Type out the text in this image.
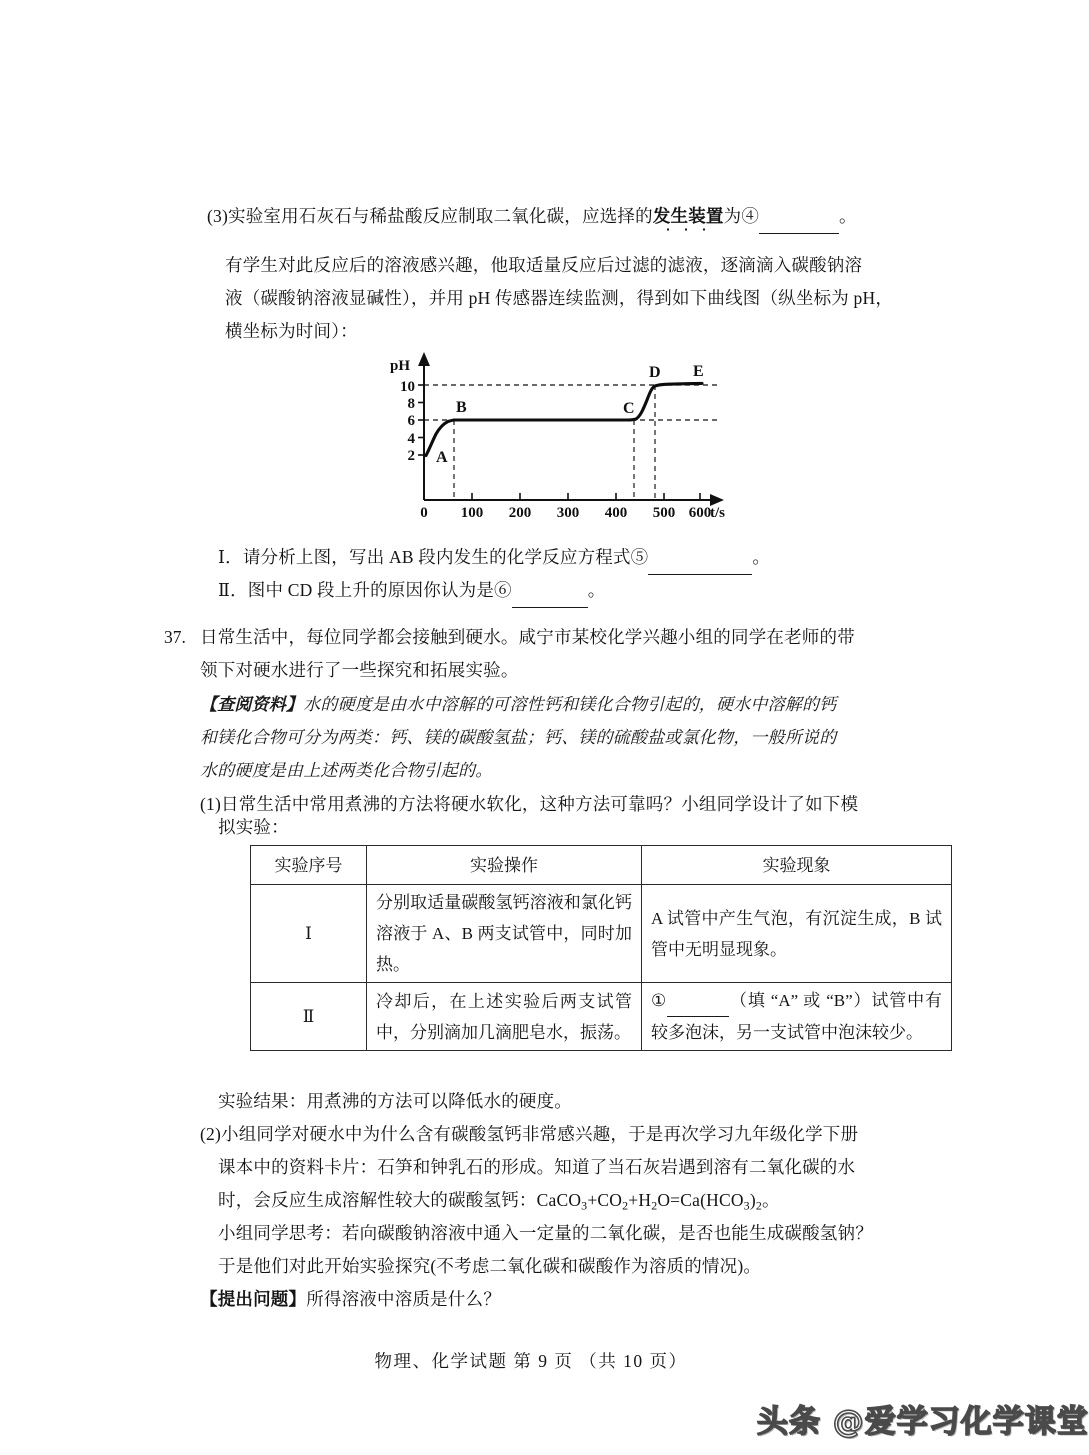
(3)实验室用石灰石与稀盐酸反应制取二氧化碳，应选择的发生装置为④	。
有学生对此反应后的溶液感兴趣，他取适量反应后过滤的滤液，逐滴滴入碳酸钠溶
液（碳酸钠溶液显碱性），并用 pH 传感器连续监测，得到如下曲线图（纵坐标为 pH，
横坐标为时间）：
pH
t/s
10
8
6
4
2
0 100 200 300 400 500 600
A
B	C
D E
Ⅰ．请分析上图，写出 AB 段内发生的化学反应方程式⑤	。
Ⅱ．图中 CD 段上升的原因你认为是⑥	。
37. 日常生活中，每位同学都会接触到硬水。咸宁市某校化学兴趣小组的同学在老师的带
领下对硬水进行了一些探究和拓展实验。
【查阅资料】水的硬度是由水中溶解的可溶性钙和镁化合物引起的，硬水中溶解的钙
和镁化合物可分为两类：钙、镁的碳酸氢盐；钙、镁的硫酸盐或氯化物，一般所说的
水的硬度是由上述两类化合物引起的。
(1)日常生活中常用煮沸的方法将硬水软化，这种方法可靠吗？小组同学设计了如下模
拟实验：
实验序号	实验操作	实验现象
Ⅰ	分别取适量碳酸氢钙溶液和氯化钙溶液于 A、B 两支试管中，同时加热。	A 试管中产生气泡，有沉淀生成，B 试管中无明显现象。
Ⅱ	冷却后，在上述实验后两支试管中，分别滴加几滴肥皂水，振荡。	① （填 “A” 或 “B”）试管中有较多泡沫，另一支试管中泡沫较少。
实验结果：用煮沸的方法可以降低水的硬度。
(2)小组同学对硬水中为什么含有碳酸氢钙非常感兴趣，于是再次学习九年级化学下册
课本中的资料卡片：石笋和钟乳石的形成。知道了当石灰岩遇到溶有二氧化碳的水
时，会反应生成溶解性较大的碳酸氢钙：$CaCO_3+CO_2+H_2O=Ca(HCO_3)_2$。
小组同学思考：若向碳酸钠溶液中通入一定量的二氧化碳，是否也能生成碳酸氢钠？
于是他们对此开始实验探究(不考虑二氧化碳和碳酸作为溶质的情况)。
【提出问题】所得溶液中溶质是什么？
物理、化学试题 第 9 页 （共 10 页）
头条 @爱学习化学课堂
